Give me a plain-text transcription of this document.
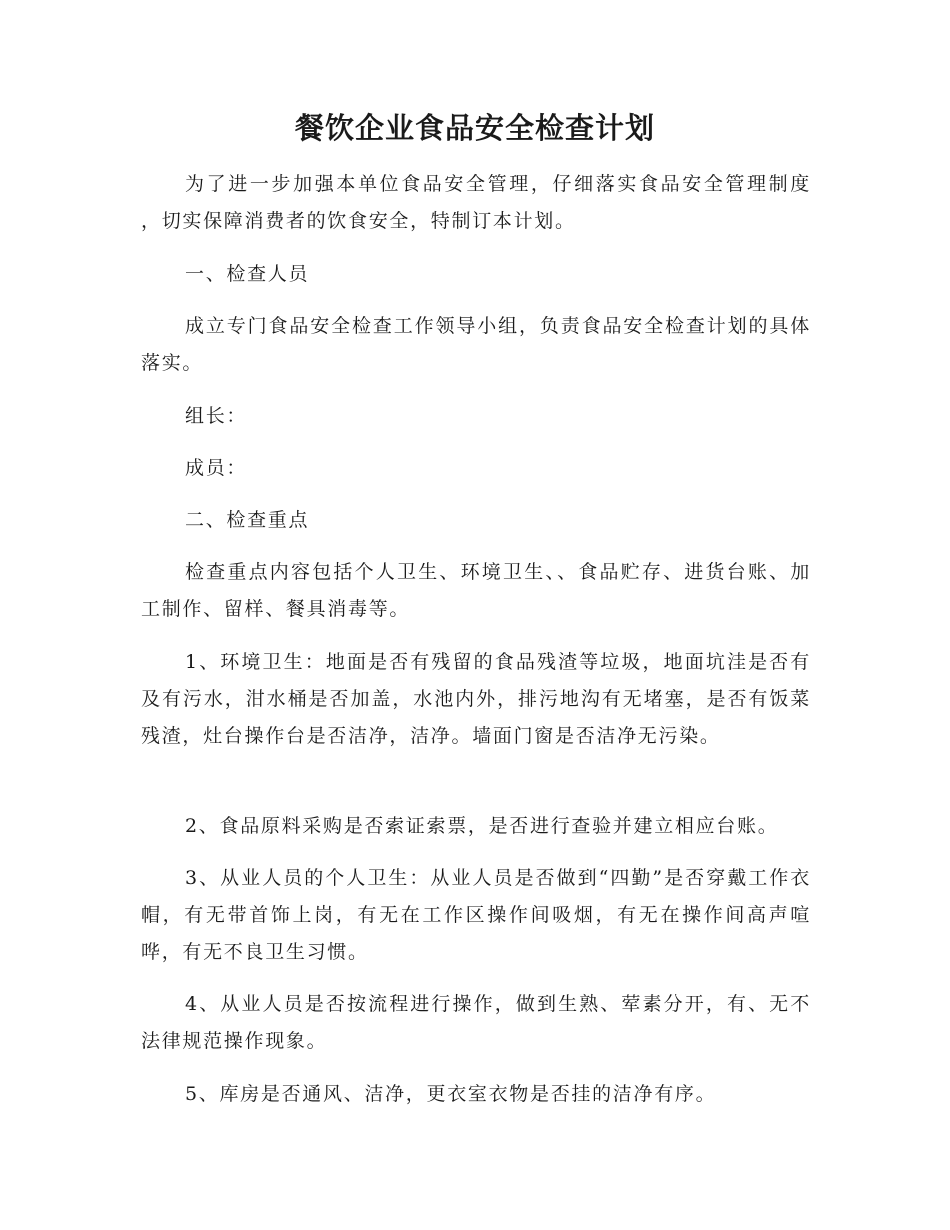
餐饮企业食品安全检查计划

为了进一步加强本单位食品安全管理，仔细落实食品安全管理制度 ，切实保障消费者的饮食安全，特制订本计划。

一、检查人员

成立专门食品安全检查工作领导小组，负责食品安全检查计划的具体落实。

组长：

成员：

二、检查重点

检查重点内容包括个人卫生、环境卫生、、食品贮存、进货台账、加工制作、留样、餐具消毒等。

1、环境卫生：地面是否有残留的食品残渣等垃圾，地面坑洼是否有及有污水，泔水桶是否加盖，水池内外，排污地沟有无堵塞，是否有饭菜残渣，灶台操作台是否洁净，洁净。墙面门窗是否洁净无污染。

2、食品原料采购是否索证索票，是否进行查验并建立相应台账。

3、从业人员的个人卫生：从业人员是否做到“四勤”是否穿戴工作衣帽，有无带首饰上岗，有无在工作区操作间吸烟，有无在操作间高声喧哗，有无不良卫生习惯。

4、从业人员是否按流程进行操作，做到生熟、荤素分开，有、无不法律规范操作现象。

5、库房是否通风、洁净，更衣室衣物是否挂的洁净有序。
